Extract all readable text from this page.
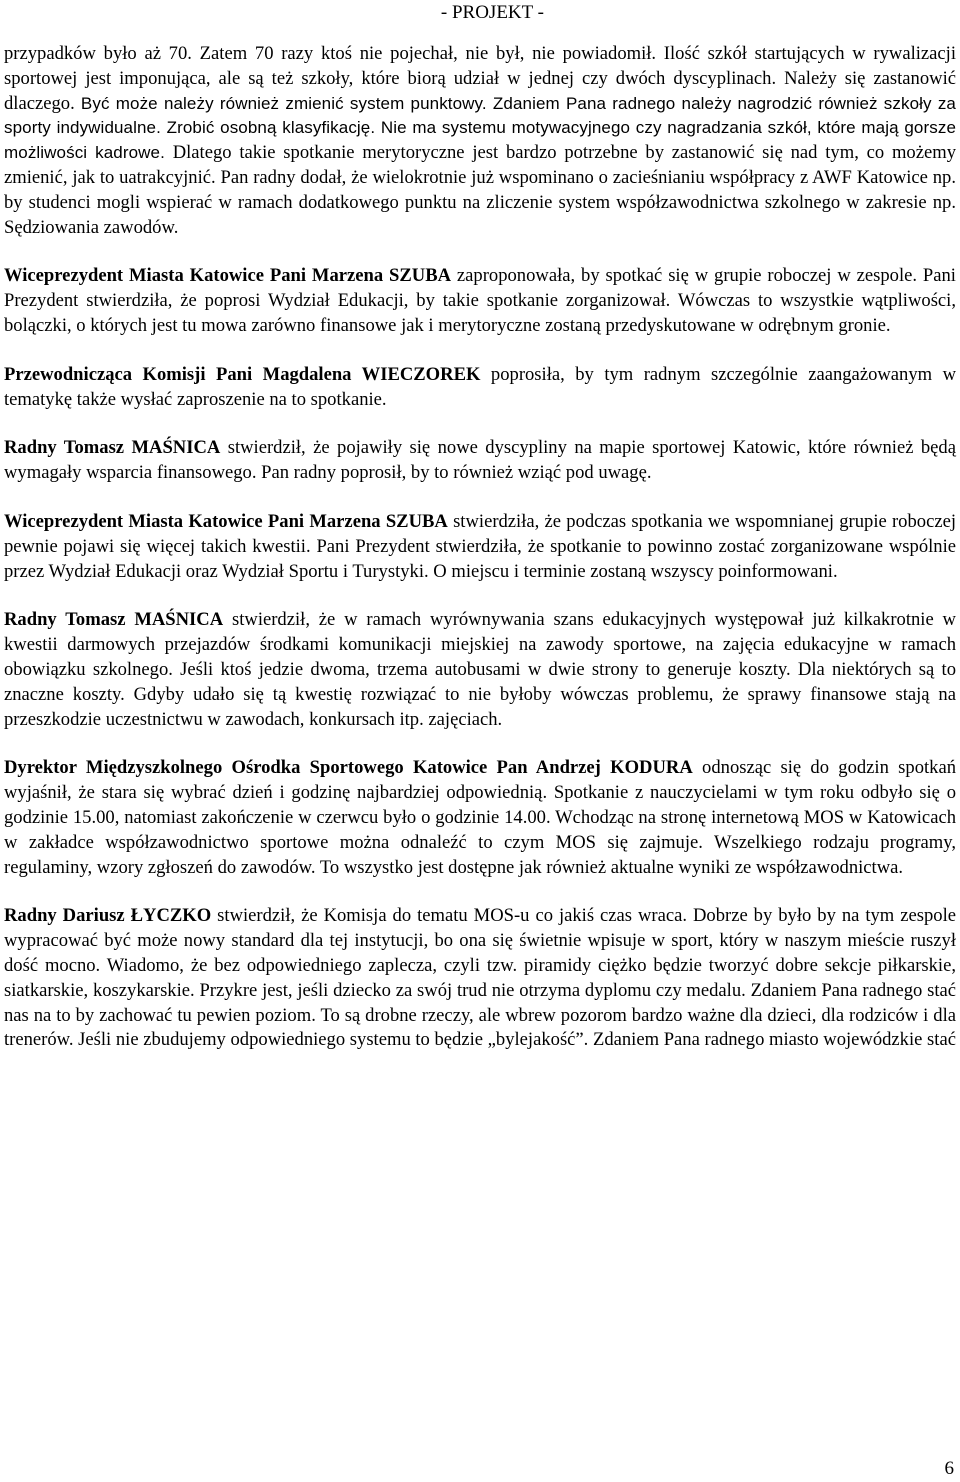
- PROJEKT -

przypadków było aż 70. Zatem 70 razy ktoś nie pojechał, nie był, nie powiadomił. Ilość szkół startujących w rywalizacji sportowej jest imponująca, ale są też szkoły, które biorą udział w jednej czy dwóch dyscyplinach. Należy się zastanowić dlaczego. Być może należy również zmienić system punktowy. Zdaniem Pana radnego należy nagrodzić również szkoły za sporty indywidualne. Zrobić osobną klasyfikację. Nie ma systemu motywacyjnego czy nagradzania szkół, które mają gorsze możliwości kadrowe. Dlatego takie spotkanie merytoryczne jest bardzo potrzebne by zastanowić się nad tym, co możemy zmienić, jak to uatrakcyjnić. Pan radny dodał, że wielokrotnie już wspominano o zacieśnianiu współpracy z AWF Katowice np. by studenci mogli wspierać w ramach dodatkowego punktu na zliczenie system współzawodnictwa szkolnego w zakresie np. Sędziowania zawodów.

Wiceprezydent Miasta Katowice Pani Marzena SZUBA zaproponowała, by spotkać się w grupie roboczej w zespole. Pani Prezydent stwierdziła, że poprosi Wydział Edukacji, by takie spotkanie zorganizował. Wówczas to wszystkie wątpliwości, bolączki, o których jest tu mowa zarówno finansowe jak i merytoryczne zostaną przedyskutowane w odrębnym gronie.

Przewodnicząca Komisji Pani Magdalena WIECZOREK poprosiła, by tym radnym szczególnie zaangażowanym w tematykę także wysłać zaproszenie na to spotkanie.

Radny Tomasz MAŚNICA stwierdził, że pojawiły się nowe dyscypliny na mapie sportowej Katowic, które również będą wymagały wsparcia finansowego. Pan radny poprosił, by to również wziąć pod uwagę.

Wiceprezydent Miasta Katowice Pani Marzena SZUBA stwierdziła, że podczas spotkania we wspomnianej grupie roboczej pewnie pojawi się więcej takich kwestii. Pani Prezydent stwierdziła, że spotkanie to powinno zostać zorganizowane wspólnie przez Wydział Edukacji oraz Wydział Sportu i Turystyki. O miejscu i terminie zostaną wszyscy poinformowani.

Radny Tomasz MAŚNICA stwierdził, że w ramach wyrównywania szans edukacyjnych występował już kilkakrotnie w kwestii darmowych przejazdów środkami komunikacji miejskiej na zawody sportowe, na zajęcia edukacyjne w ramach obowiązku szkolnego. Jeśli ktoś jedzie dwoma, trzema autobusami w dwie strony to generuje koszty. Dla niektórych są to znaczne koszty. Gdyby udało się tą kwestię rozwiązać to nie byłoby wówczas problemu, że sprawy finansowe stają na przeszkodzie uczestnictwu w zawodach, konkursach itp. zajęciach.

Dyrektor Międzyszkolnego Ośrodka Sportowego Katowice Pan Andrzej KODURA odnosząc się do godzin spotkań wyjaśnił, że stara się wybrać dzień i godzinę najbardziej odpowiednią. Spotkanie z nauczycielami w tym roku odbyło się o godzinie 15.00, natomiast zakończenie w czerwcu było o godzinie 14.00. Wchodząc na stronę internetową MOS w Katowicach w zakładce współzawodnictwo sportowe można odnaleźć to czym MOS się zajmuje. Wszelkiego rodzaju programy, regulaminy, wzory zgłoszeń do zawodów. To wszystko jest dostępne jak również aktualne wyniki ze współzawodnictwa.

Radny Dariusz ŁYCZKO stwierdził, że Komisja do tematu MOS-u co jakiś czas wraca. Dobrze by było by na tym zespole wypracować być może nowy standard dla tej instytucji, bo ona się świetnie wpisuje w sport, który w naszym mieście ruszył dość mocno. Wiadomo, że bez odpowiedniego zaplecza, czyli tzw. piramidy ciężko będzie tworzyć dobre sekcje piłkarskie, siatkarskie, koszykarskie. Przykre jest, jeśli dziecko za swój trud nie otrzyma dyplomu czy medalu. Zdaniem Pana radnego stać nas na to by zachować tu pewien poziom. To są drobne rzeczy, ale wbrew pozorom bardzo ważne dla dzieci, dla rodziców i dla trenerów. Jeśli nie zbudujemy odpowiedniego systemu to będzie „bylejakość”. Zdaniem Pana radnego miasto wojewódzkie stać

6
